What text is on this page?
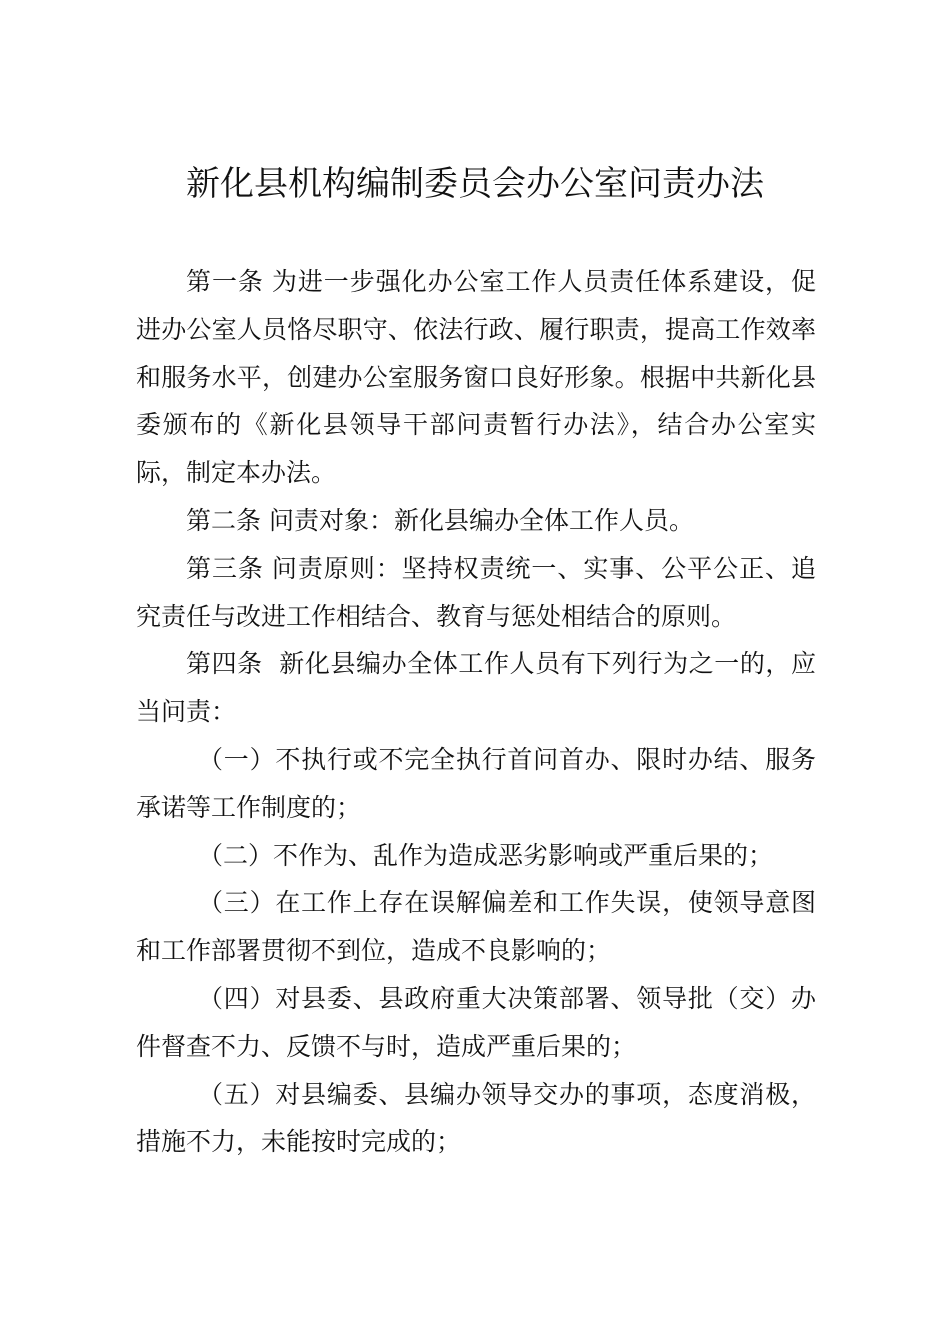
新化县机构编制委员会办公室问责办法

第一条 为进一步强化办公室工作人员责任体系建设，促进办公室人员恪尽职守、依法行政、履行职责，提高工作效率和服务水平，创建办公室服务窗口良好形象。根据中共新化县委颁布的《新化县领导干部问责暂行办法》，结合办公室实际，制定本办法。

第二条 问责对象：新化县编办全体工作人员。

第三条 问责原则：坚持权责统一、实事、公平公正、追究责任与改进工作相结合、教育与惩处相结合的原则。

第四条 新化县编办全体工作人员有下列行为之一的，应当问责：

（一）不执行或不完全执行首问首办、限时办结、服务承诺等工作制度的；

（二）不作为、乱作为造成恶劣影响或严重后果的；

（三）在工作上存在误解偏差和工作失误，使领导意图和工作部署贯彻不到位，造成不良影响的；

（四）对县委、县政府重大决策部署、领导批（交）办件督查不力、反馈不与时，造成严重后果的；

（五）对县编委、县编办领导交办的事项，态度消极，措施不力，未能按时完成的；
